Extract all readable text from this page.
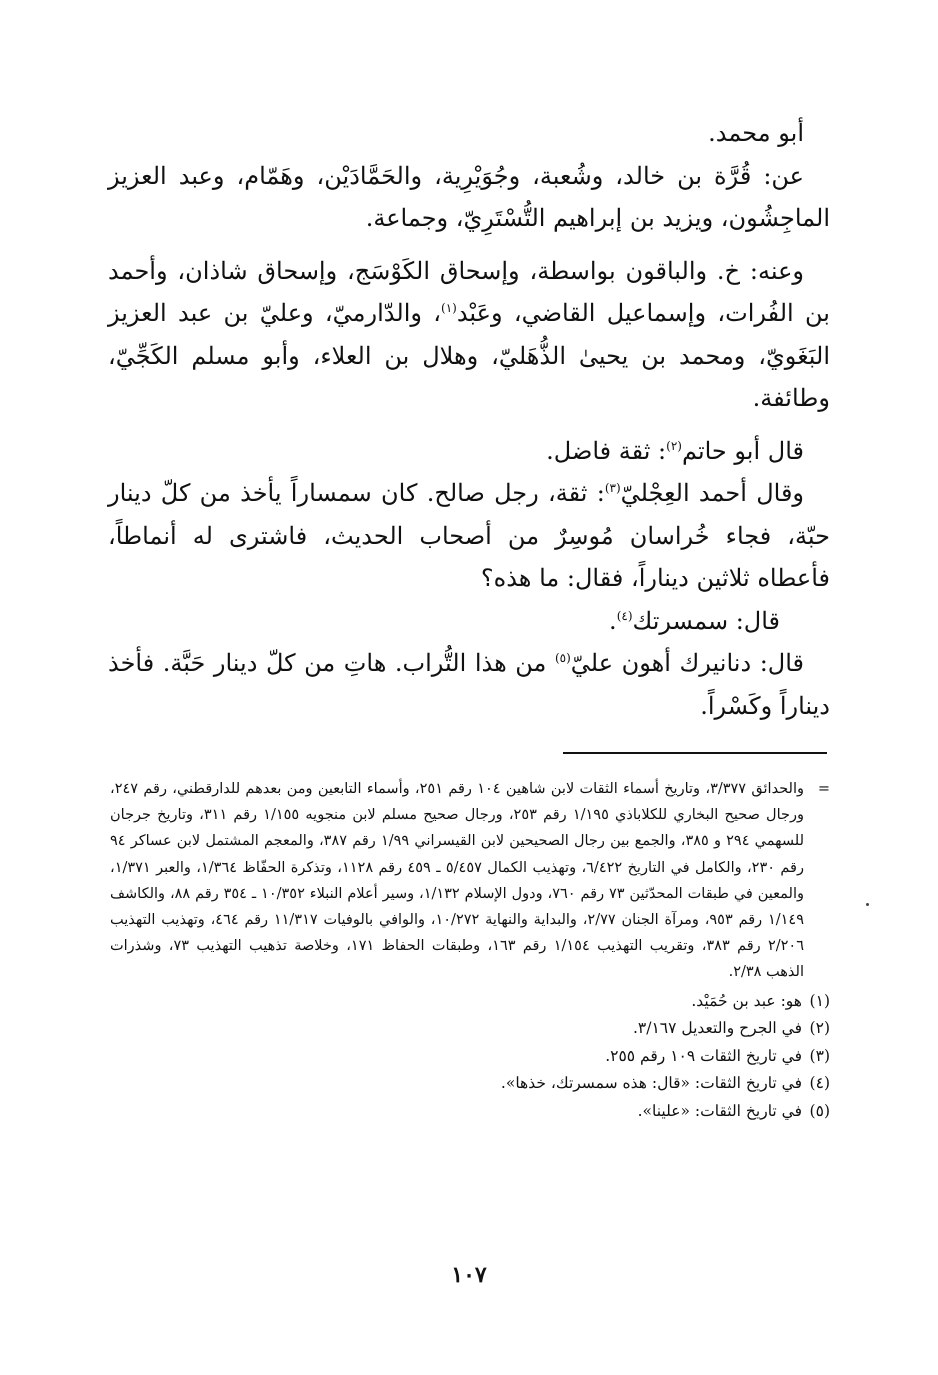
أبو محمد.

عن: قُرَّة بن خالد، وشُعبة، وجُوَيْرِية، والحَمَّادَيْن، وهَمّام، وعبد العزيز الماجِشُون، ويزيد بن إبراهيم التُّسْتَرِيّ، وجماعة.

وعنه: خ. والباقون بواسطة، وإسحاق الكَوْسَج، وإسحاق شاذان، وأحمد بن الفُرات، وإسماعيل القاضي، وعَبْد$^{(١)}$، والدّارميّ، وعليّ بن عبد العزيز البَغَويّ، ومحمد بن يحيىٰ الذُّهَليّ، وهلال بن العلاء، وأبو مسلم الكَجِّيّ، وطائفة.

قال أبو حاتم$^{(٢)}$: ثقة فاضل.

وقال أحمد العِجْليّ$^{(٣)}$: ثقة، رجل صالح. كان سمساراً يأخذ من كلّ دينار حبّة، فجاء خُراسان مُوسِرٌ من أصحاب الحديث، فاشترى له أنماطاً، فأعطاه ثلاثين ديناراً، فقال: ما هذه؟

قال: سمسرتك$^{(٤)}$.

قال: دنانيرك أهون عليّ$^{(٥)}$ من هذا التُّراب. هاتِ من كلّ دينار حَبَّة. فأخذ ديناراً وكَسْراً.

=
والحدائق ٣/٣٧٧، وتاريخ أسماء الثقات لابن شاهين ١٠٤ رقم ٢٥١، وأسماء التابعين ومن بعدهم للدارقطني، رقم ٢٤٧، ورجال صحيح البخاري للكلاباذي ١/١٩٥ رقم ٢٥٣، ورجال صحيح مسلم لابن منجويه ١/١٥٥ رقم ٣١١، وتاريخ جرجان للسهمي ٢٩٤ و ٣٨٥، والجمع بين رجال الصحيحين لابن القيسراني ١/٩٩ رقم ٣٨٧، والمعجم المشتمل لابن عساكر ٩٤ رقم ٢٣٠، والكامل في التاريخ ٦/٤٢٢، وتهذيب الكمال ٥/٤٥٧ ـ ٤٥٩ رقم ١١٢٨، وتذكرة الحفّاظ ١/٣٦٤، والعبر ١/٣٧١، والمعين في طبقات المحدّثين ٧٣ رقم ٧٦٠، ودول الإسلام ١/١٣٢، وسير أعلام النبلاء ١٠/٣٥٢ ـ ٣٥٤ رقم ٨٨، والكاشف ١/١٤٩ رقم ٩٥٣، ومرآة الجنان ٢/٧٧، والبداية والنهاية ١٠/٢٧٢، والوافي بالوفيات ١١/٣١٧ رقم ٤٦٤، وتهذيب التهذيب ٢/٢٠٦ رقم ٣٨٣، وتقريب التهذيب ١/١٥٤ رقم ١٦٣، وطبقات الحفاظ ١٧١، وخلاصة تذهيب التهذيب ٧٣، وشذرات الذهب ٢/٣٨.

(١)هو: عبد بن حُمَيْد.

(٢)في الجرح والتعديل ٣/١٦٧.

(٣)في تاريخ الثقات ١٠٩ رقم ٢٥٥.

(٤)في تاريخ الثقات: «قال: هذه سمسرتك، خذها».

(٥)في تاريخ الثقات: «علينا».

١٠٧
